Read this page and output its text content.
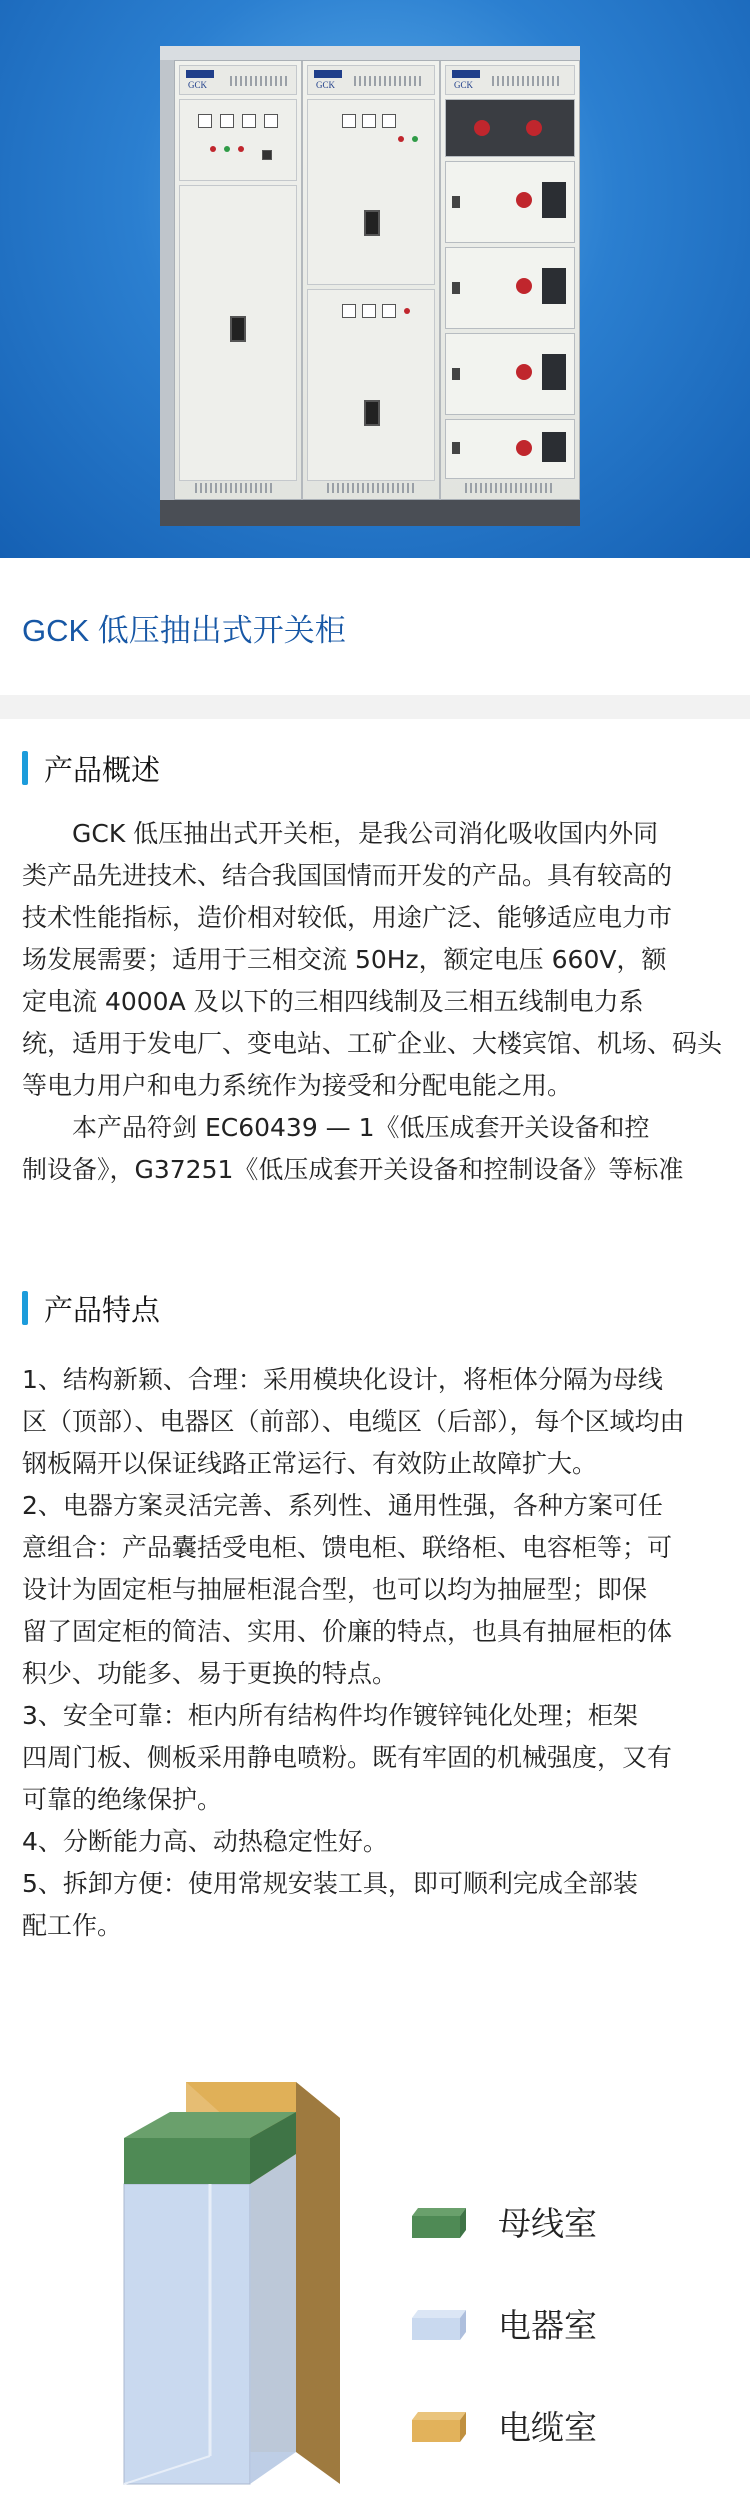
GCK	GCK	GCK
GCK 低压抽出式开关柜
产品概述
GCK 低压抽出式开关柜，是我公司消化吸收国内外同
类产品先进技术、结合我国国情而开发的产品。具有较高的
技术性能指标，造价相对较低，用途广泛、能够适应电力市
场发展需要；适用于三相交流 50Hz，额定电压 660V，额
定电流 4000A 及以下的三相四线制及三相五线制电力系
统，适用于发电厂、变电站、工矿企业、大楼宾馆、机场、码头
等电力用户和电力系统作为接受和分配电能之用。
本产品符剑 EC60439 — 1《低压成套开关设备和控
制设备》，G37251《低压成套开关设备和控制设备》等标准
产品特点
1、结构新颖、合理：采用模块化设计，将柜体分隔为母线
区（顶部）、电器区（前部）、电缆区（后部），每个区域均由
钢板隔开以保证线路正常运行、有效防止故障扩大。
2、电器方案灵活完善、系列性、通用性强，各种方案可任
意组合：产品囊括受电柜、馈电柜、联络柜、电容柜等；可
设计为固定柜与抽屉柜混合型，也可以均为抽屉型；即保
留了固定柜的简洁、实用、价廉的特点，也具有抽屉柜的体
积少、功能多、易于更换的特点。
3、安全可靠：柜内所有结构件均作镀锌钝化处理；柜架
四周门板、侧板采用静电喷粉。既有牢固的机械强度，又有
可靠的绝缘保护。
4、分断能力高、动热稳定性好。
5、拆卸方便：使用常规安装工具，即可顺利完成全部装
配工作。
母线室
电器室
电缆室
